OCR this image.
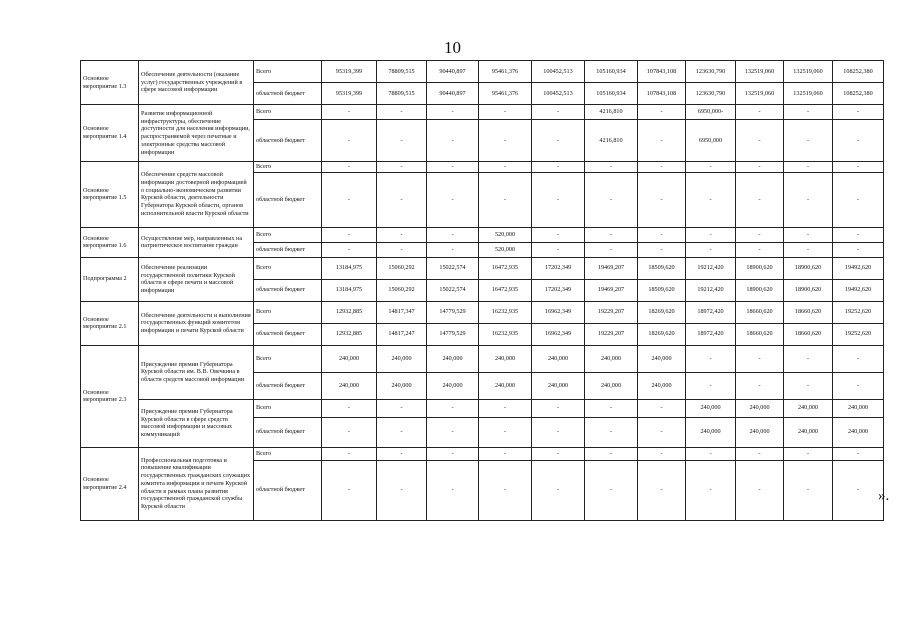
10
Основное мероприятие 1.3	Обеспечение деятельности (оказание услуг) государственных учреждений в сфере массовой информации	Всего	95319,399	78809,515	90440,897	95461,376	100452,513	105160,934	107843,108	123630,790	132519,060	132519,060	108252,380
		областной бюджет	95319,399	78809,515	90440,897	95461,376	100452,513	105160,934	107843,108	123630,790	132519,060	132519,060	108252,380
Основное мероприятие 1.4	Развитие информационной инфраструктуры, обеспечение доступности для населения информации, распространяемой через печатные и электронные средства массовой информации	Всего	-	-	-	-	-	4216,810	-	6950,000-	-	-	-
		областной бюджет	-	-	-	-	-	4216,810	-	6950,000	-	-	-
Основное мероприятие 1.5	Обеспечение средств массовой информации достоверной информацией о социально-экономическом развитии Курской области, деятельности Губернатора Курской области, органов исполнительной власти Курской области	Всего	-	-	-	-	-	-	-	-	-	-	-
		областной бюджет	-	-	-	-	-	-	-	-	-	-	-
Основное мероприятие 1.6	Осуществление мер, направленных на патриотическое воспитание граждан	Всего	-	-	-	520,000	-	-	-	-	-	-	-
		областной бюджет	-	-	-	520,000	-	-	-	-	-	-	-
Подпрограмма 2	Обеспечение реализации государственной политики Курской области в сфере печати и массовой информации	Всего	13184,975	15060,292	15022,574	16472,935	17202,349	19469,207	18509,620	19212,420	18900,620	18900,620	19492,620
		областной бюджет	13184,975	15060,292	15022,574	16472,935	17202,349	19469,207	18509,620	19212,420	18900,620	18900,620	19492,620
Основное мероприятие 2.1	Обеспечение деятельности и выполнения государственных функций комитетом информации и печати Курской области	Всего	12932,885	14817,347	14779,529	16232,935	16962,349	19229,207	18269,620	18972,420	18660,620	18660,620	19252,620
		областной бюджет	12932,885	14817,247	14779,529	16232,935	16962,349	19229,207	18269,620	18972,420	18660,620	18660,620	19252,620
Основное мероприятие 2.3	Присуждение премии Губернатора Курской области им. В.В. Овечкина в области средств массовой информации	Всего	240,000	240,000	240,000	240,000	240,000	240,000	240,000	-	-	-	-
		областной бюджет	240,000	240,000	240,000	240,000	240,000	240,000	240,000	-	-	-	-
	Присуждение премии Губернатора Курской области в сфере средств массовой информации и массовых коммуникаций	Всего	-	-	-	-	-	-	-	240,000	240,000	240,000	240,000
		областной бюджет	-	-	-	-	-	-	-	240,000	240,000	240,000	240,000
Основное мероприятие 2.4	Профессиональная подготовка и повышение квалификации государственных гражданских служащих комитета информации и печати Курской области в рамках плана развития государственной гражданской службы Курской области	Всего	-	-	-	-	-	-	-	-	-	-	-
		областной бюджет	-	-	-	-	-	-	-	-	-	-	- ».
